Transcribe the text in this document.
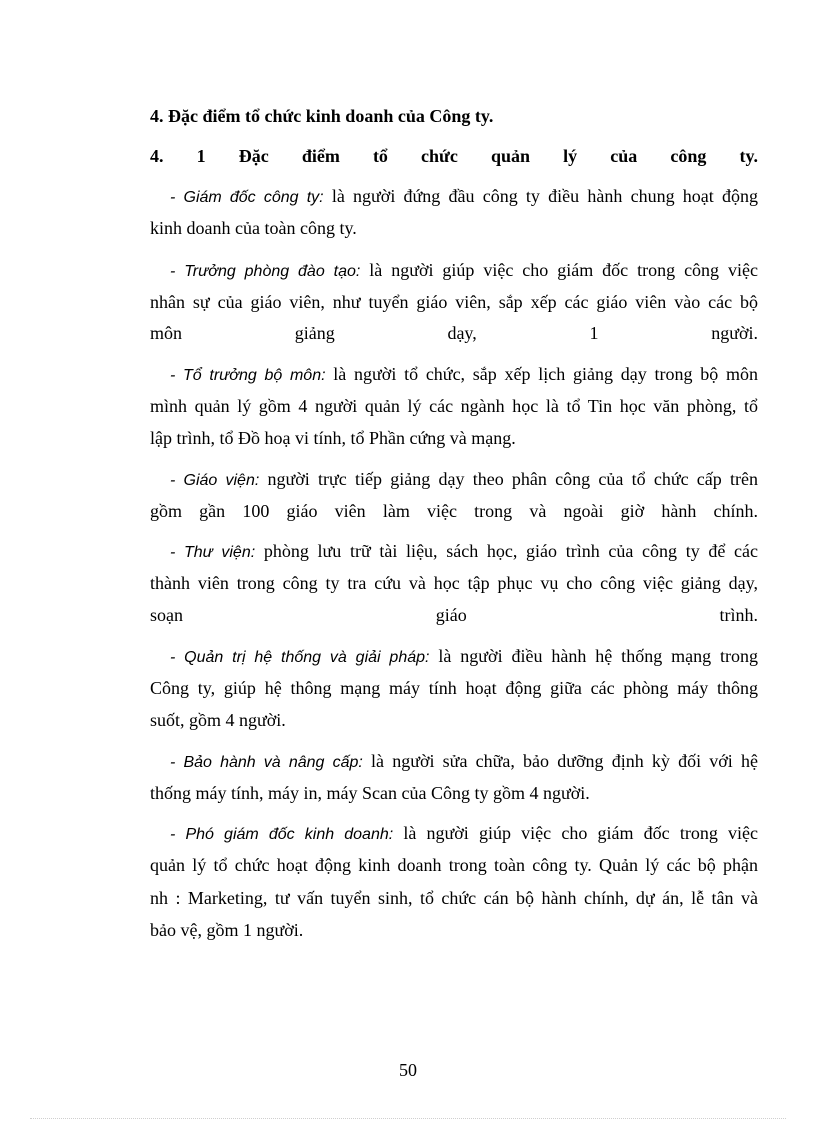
4. Đặc điểm tổ chức kinh doanh của Công ty.
4. 1 Đặc điểm tổ chức quản lý của công ty.
- Giám đốc công ty: là người đứng đầu công ty điều hành chung hoạt động
kinh doanh của toàn công ty.
- Trưởng phòng đào tạo: là người giúp việc cho giám đốc trong công việc
nhân sự của giáo viên, như tuyển giáo viên, sắp xếp các giáo viên vào các bộ
môn giảng dạy, 1 người.
- Tổ trưởng bộ môn: là người tổ chức, sắp xếp lịch giảng dạy trong bộ môn
mình quản lý gồm 4 người quản lý các ngành học là tổ Tin học văn phòng, tổ
lập trình, tổ Đồ hoạ vi tính, tổ Phần cứng và mạng.
- Giáo viện: người trực tiếp giảng dạy theo phân công của tổ chức cấp trên
gồm gần 100 giáo viên làm việc trong và ngoài giờ hành chính.
- Thư viện: phòng lưu trữ tài liệu, sách học, giáo trình của công ty để các
thành viên trong công ty tra cứu và học tập phục vụ cho công việc giảng dạy,
soạn giáo trình.
- Quản trị hệ thống và giải pháp: là người điều hành hệ thống mạng trong
Công ty, giúp hệ thông mạng máy tính hoạt động giữa các phòng máy thông
suốt, gồm 4 người.
- Bảo hành và nâng cấp: là người sửa chữa, bảo dưỡng định kỳ đối với hệ
thống máy tính, máy in, máy Scan của Công ty gồm 4 người.
- Phó giám đốc kinh doanh: là người giúp việc cho giám đốc trong việc
quản lý tổ chức hoạt động kinh doanh trong toàn công ty. Quản lý các bộ phận
nh : Marketing, tư vấn tuyển sinh, tổ chức cán bộ hành chính, dự án, lễ tân và
bảo vệ, gồm 1 người.
50
